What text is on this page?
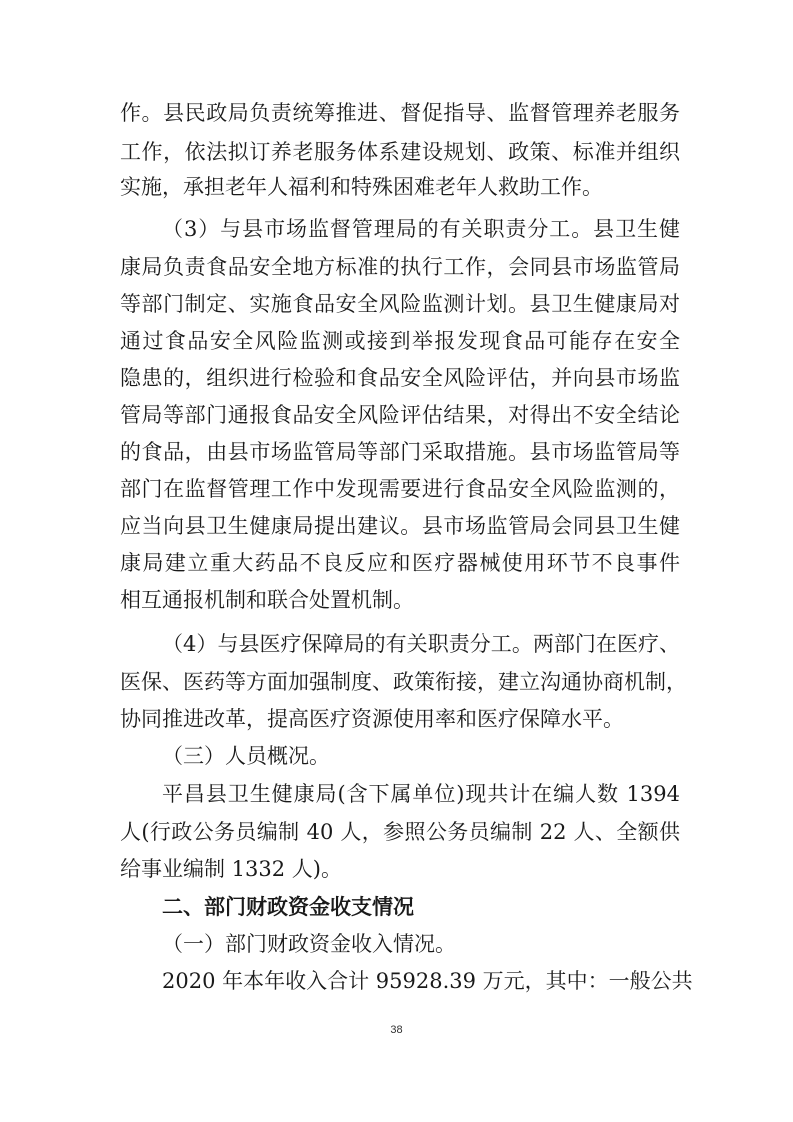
作。县民政局负责统筹推进、督促指导、监督管理养老服务
工作，依法拟订养老服务体系建设规划、政策、标准并组织
实施，承担老年人福利和特殊困难老年人救助工作。
（3）与县市场监督管理局的有关职责分工。县卫生健
康局负责食品安全地方标准的执行工作，会同县市场监管局
等部门制定、实施食品安全风险监测计划。县卫生健康局对
通过食品安全风险监测或接到举报发现食品可能存在安全
隐患的，组织进行检验和食品安全风险评估，并向县市场监
管局等部门通报食品安全风险评估结果，对得出不安全结论
的食品，由县市场监管局等部门采取措施。县市场监管局等
部门在监督管理工作中发现需要进行食品安全风险监测的，
应当向县卫生健康局提出建议。县市场监管局会同县卫生健
康局建立重大药品不良反应和医疗器械使用环节不良事件
相互通报机制和联合处置机制。
（4）与县医疗保障局的有关职责分工。两部门在医疗、
医保、医药等方面加强制度、政策衔接，建立沟通协商机制，
协同推进改革，提高医疗资源使用率和医疗保障水平。
（三）人员概况。
平昌县卫生健康局(含下属单位)现共计在编人数 1394
人(行政公务员编制 40 人，参照公务员编制 22 人、全额供
给事业编制 1332 人)。
二、部门财政资金收支情况
（一）部门财政资金收入情况。
2020 年本年收入合计 95928.39 万元，其中：一般公共
38
